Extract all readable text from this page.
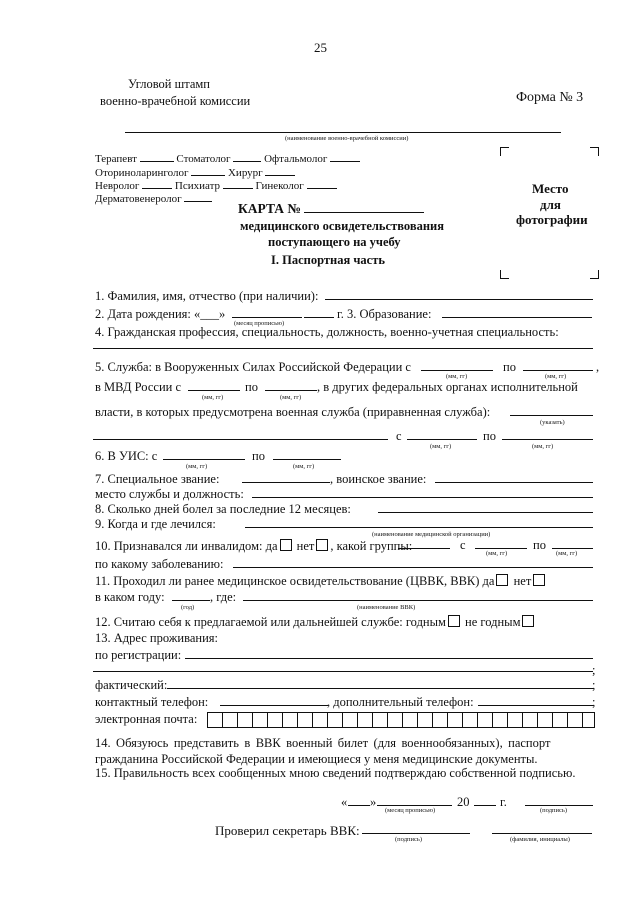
25
Угловой штамп
военно-врачебной комиссии	Форма № 3
(наименование военно-врачебной комиссии)
Терапевт	Стоматолог	Офтальмолог
Оториноларинголог	Хирург
Невролог	Психиатр	Гинеколог
Дерматовенеролог
КАРТА №
медицинского освидетельствования
поступающего на учебу
I. Паспортная часть
Место
для
фотографии
1. Фамилия, имя, отчество (при наличии):
2. Дата рождения: «___»	г. 3. Образование:
(месяц прописью)
4. Гражданская профессия, специальность, должность, военно-учетная специальность:
5. Служба: в Вооруженных Силах Российской Федерации с	по	,
(мм, гг)	(мм, гг)
в МВД России с	по	, в других федеральных органах исполнительной
(мм, гг)	(мм, гг)
власти, в которых предусмотрена военная служба (приравненная служба):
(указать)
с	по
(мм, гг)	(мм, гг)
6. В УИС: с	по
(мм, гг)	(мм, гг)
7. Специальное звание:	, воинское звание:
место службы и должность:
8. Сколько дней болел за последние 12 месяцев:
9. Когда и где лечился:
(наименование медицинской организации)
10. Признавался ли инвалидом: да нет , какой группы:	с	по
(мм, гг)	(мм, гг)
по какому заболеванию:
11. Проходил ли ранее медицинское освидетельствование (ЦВВК, ВВК) да нет
в каком году:	, где:
(год)	(наименование ВВК)
12. Считаю себя к предлагаемой или дальнейшей службе: годным не годным
13. Адрес проживания:
по регистрации:
;
фактический:	;
контактный телефон:	, дополнительный телефон:	;
электронная почта:
14. Обязуюсь представить в ВВК военный билет (для военнообязанных), паспорт
гражданина Российской Федерации и имеющиеся у меня медицинские документы.
15. Правильность всех сообщенных мною сведений подтверждаю собственной подписью.
« »	20 г.
(месяц прописью)	(подпись)
Проверил секретарь ВВК:
(подпись)	(фамилия, инициалы)
